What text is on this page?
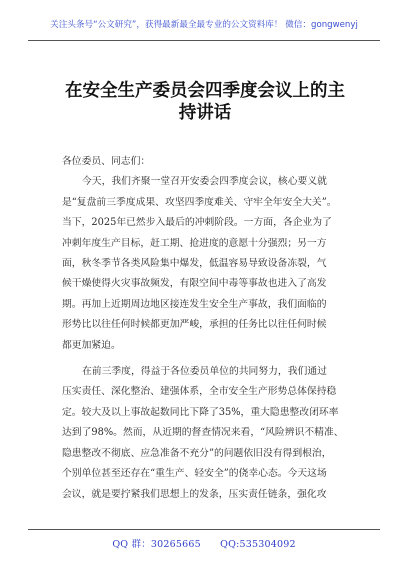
关注头条号“公文研究”，获得最新最全最专业的公文资料库！ 微信：gongwenyj
在安全生产委员会四季度会议上的主
持讲话
各位委员、同志们：
今天，我们齐聚一堂召开安委会四季度会议，核心要义就
是“复盘前三季度成果、攻坚四季度难关、守牢全年安全大关”。
当下，2025年已然步入最后的冲刺阶段。一方面，各企业为了
冲刺年度生产目标，赶工期、抢进度的意愿十分强烈；另一方
面，秋冬季节各类风险集中爆发，低温容易导致设备冻裂，气
候干燥使得火灾事故频发，有限空间中毒等事故也进入了高发
期。再加上近期周边地区接连发生安全生产事故，我们面临的
形势比以往任何时候都更加严峻，承担的任务比以往任何时候
都更加紧迫。
在前三季度，得益于各位委员单位的共同努力，我们通过
压实责任、深化整治、建强体系，全市安全生产形势总体保持稳
定。较大及以上事故起数同比下降了35%，重大隐患整改闭环率
达到了98%。然而，从近期的督查情况来看，“风险辨识不精准、
隐患整改不彻底、应急准备不充分”的问题依旧没有得到根治，
个别单位甚至还存在“重生产、轻安全”的侥幸心态。今天这场
会议，就是要拧紧我们思想上的发条，压实责任链条，强化攻
QQ 群：30265665 QQ:535304092
